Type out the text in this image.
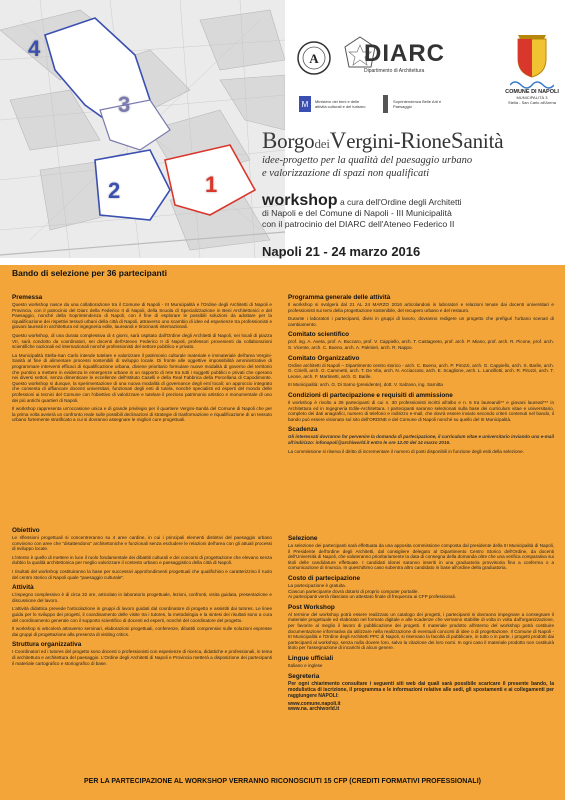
4
3
2	1
A DIARC
Dipartimento di Architettura
COMUNE DI NAPOLI
MUNICIPALITÀ 3
Stella - San Carlo all'Arena
M Ministero dei beni e delle attività culturali e del turismo
Soprintendenza Belle Arti e Paesaggio
BorgodeiVergini-RioneSanità
idee-progetto per la qualità del paesaggio urbano
e valorizzazione di spazi non qualificati
workshop a cura dell'Ordine degli Architetti
di Napoli e del Comune di Napoli - III Municipalità
con il patrocinio del DIARC dell'Ateneo Federico II
Napoli 21 - 24 marzo 2016
Bando di selezione per 36 partecipanti
Premessa

Questo workshop nasce da una collaborazione tra il Comune di Napoli - III Municipalità e l'Ordine degli Architetti di Napoli e Provincia, con il patrocinio del Diarc della Federico II di Napoli, della Scuola di Specializzazione in Beni Architettonici e del Paesaggio, nonché della Soprintendenza di Napoli, con il fine di esplorare le possibili soluzioni da adottare per la riqualificazione dei rispettivi tessuti urbani della città di Napoli, attraverso uno scambio di idee ed esperienze tra professionisti e giovani laureati in architettura ed ingegneria edile, laureandi e tirocinanti internazionali.

Questo workshop, di una durata complessiva di 4 giorni, sarà ospitato dall'Ordine degli Architetti di Napoli, nei locali di piazza VII, sarà condotto da coordinatori, sei docenti dell'Ateneo Federico II di Napoli, professori provenienti da collaborazioni scientifiche nazionali ed internazionali nonché professionisti del settore pubblico e privato.

La Municipalità Stella-San Carlo intende tutelare e valorizzare il patrimonio culturale materiale e immateriale dell'area Vergini-Sanità al fine di alimentare processi sostenibili di sviluppo locale. Di fronte alle oggettive impossibilità amministrative di programmare interventi efficaci di riqualificazione urbana, diviene prioritario formulare nuove modalità di governo del territorio che puntino a mettere in evidenza le emergenze urbane in un rapporto di rete tra tutti i soggetti pubblici e privati che operano nei diversi settori, senza dimenticare le eccellenze dell'Istituto Caselli e della Real Fabbrica della Porcellana di Capodimonte. Questo workshop si dunque, la sperimentazione di una nuova modalità di governance degli enti locali; un approccio integrato che consenta di affiancare docenti universitari, funzionari degli enti di tutela, nonché specialisti ed esperti del mondo delle professioni ai tecnici del Comune con l'obiettivo di valorizzare e tutelare il prezioso patrimonio artistico e monumentale di uno dei più antichi quartieri di Napoli.

Il workshop rappresenta un'occasione unica e di grande privilegio per il quartiere Vergini-Sanità del Comune di Napoli che per la prima volta avvierà un confronto reale sulle possibili declinazioni di strategie di trasformazione e riqualificazione di un tessuto urbano fortemente stratificato a cui si dovranno assegnare le migliori cure progettuali.

Obiettivo

Le riflessioni progettuali si concentreranno su 4 aree cardine, in cui i principali elementi distintivi del paesaggio urbano convivono con aree che "disattendono" architettoniche e funzionali senza escludere le relazioni dell'area con gli attuali processi di sviluppo locale.

L'intento è quello di mettere in luce il ruolo fondamentale dei dibattiti culturali e dei concorsi di progettazione che elevano senza dubbio la qualità architettonica per meglio valorizzare il contesto urbano e paesaggistico della città di Napoli.

I risultati del workshop costituiranno la base per successivi approfondimenti progettuali che qualifichino e caratterizzino il ruolo del centro storico di Napoli quale "paesaggio culturale".

Attività

L'impegno complessivo è di circa 32 ore, articolato in laboratorio progettuale, lezioni, confronti, visita guidata, presentazione e discussione del lavoro.

L'attività didattica prevede l'articolazione in gruppi di lavoro guidati dal coordinatore di progetto e assistiti dai tutores. Le linee guida per lo sviluppo dei progetti, il coordinamento delle visite tra i tutores, la metodologia e la sintesi dei risultati sono a cura del coordinamento generale con il supporto scientifico di docenti ed esperti, nonché del coordinatore del progetto.

Il workshop si articolerà attraverso seminari, elaborazioni progettuali, conferenze, dibattiti comprensivi sulle soluzioni espresse dai gruppi di progettazione alla presenza di visiting critics.

Struttura organizzativa

I Coordinatori ed i tutores del progetto sono docenti o professionisti con esperienze di ricerca, didattiche e professionali, in tema di architettura e architettura del paesaggio. L'Ordine degli Architetti di Napoli e Provincia metterà a disposizione dei partecipanti il materiale cartografico e storiografico di base.

Programma generale delle attività

Il workshop si svolgerà dal 21 AL 24 MARZO 2016 articolandosi in laboratori e relazioni tenute dai docenti universitari e professionisti sui temi della progettazione sostenibile, del recupero urbano e del restauro.

Durante i laboratori i partecipanti, divisi in gruppi di lavoro, dovranno redigere un progetto che prefiguri l'urbano scenari di cambiamento.

Comitato scientifico

prof. ing. A. Aveta, prof. A. Buccaro, prof. V. Cappiello, arch. T. Castagneto, prof. arch. P. Miano, prof. arch. R. Picone, prof. arch. S. Vicente, arch. C. Bueno, arch. A. Palmieri, arch. R. Nappo.

Comitato Organizzativo

Ordine architetti di Napoli – Dipartimento centro storico - arch. C. Bueno, arch. P. Pirozzi, arch. G. Cappiello, arch. S. Barile, arch. G. Cirielli, arch. G. Cammetti, arch. T. De Vita, arch. N. Acciaccato, arch. E. Scaglione, arch. L. Lanzillotti, arch. R. Pirozzi, arch. T. Leone, arch. F. Martinetti, arch. G. Barile.

III Municipalità: arch. G. Di Sarno (presidente), dott. V. Salzano, ing. Sarnitta

Condizioni di partecipazione e requisiti di ammissione

Il workshop è rivolto a 36 partecipanti di cui n. 30 professionisti iscritti all'albo e n. 6 tra laureandi** e giovani laureati*** in Architettura ed in Ingegneria Edile-Architettura. I partecipanti saranno selezionati sulla base dei curriculum vitae e universitario, completo dei dati anagrafici, numero di telefono e indirizzo e-mail, che dovrà essere inviato secondo criteri contenuti nel bando, il bando può essere visionato sul sito dell'ORDINE e del Comune di Napoli nonché su quello del III Municipalità.

Scadenza

Gli interessati dovranno far pervenire la domanda di partecipazione, il curriculum vitae e universitario inviando una e-mail all'indirizzo: infonapoli@archiworld.it entro le ore 12.00 del 14 marzo 2016.

La commissione si riserva il diritto di incrementare il numero di posti disponibili in funzione degli esiti della selezione.

Selezione

La selezione dei partecipanti sarà effettuata da una apposita commissione composta dal presidente della III Municipalità di Napoli, il Presidente dell'ordine degli Architetti, dal consigliere delegato al Dipartimento Centro Storico dell'Ordine, da docenti dell'Università di Napoli, che valuteranno prioritariamente la data di consegna della domanda oltre che una verifica comparativa sui titoli delle candidature effettuate. I candidati idonei saranno inseriti in una graduatoria provvisoria fino a conferma o a comunicazione di rinuncia. In quest'ultimo caso subentra altro candidato in base all'ordine della graduatoria.

Costo di partecipazione

La partecipazione è gratuita.

Ciascun partecipante dovrà dotarsi di proprio computer portatile.

Ai partecipanti verrà rilasciato un attestato finale di frequenza ai CFP professionali.

Post Workshop

Al termine del workshop potrà essere realizzato un catalogo dei progetti, i partecipanti si dovranno impegnare a consegnare il materiale progettuale ed elaborato nel formato digitale e alle scadenze che verranno stabilite di volta in volta dall'organizzazione, per favorire al meglio il lavoro di pubblicazione dei progetti. Il materiale prodotto all'interno del workshop potrà costituire documentazione informativa da utilizzare nella realizzazione di eventuali concorsi di idee o di progettazione. Il Comune di Napoli - III Municipalità e l'Ordine degli Architetti PPC di Napoli, si riservano la facoltà di pubblicare, in tutto o in parte, i progetti prodotti dai partecipanti al workshop, senza nulla dovere loro, salvo la citazione dei loro nomi. In ogni caso il materiale prodotto non costituirà titolo per l'assegnazione di incarichi di alcun genere.

Lingue ufficiali

Italiano e inglese

Segreteria

Per ogni chiarimento consultare i seguenti siti web dai quali sarà possibile scaricare il presente bando, la modulistica di iscrizione, il programma e le informazioni relative alle sedi, gli spostamenti e ai collegamenti per raggiungere NAPOLI:

www.comune.napoli.it

www.na. archiworld.it

PER LA PARTECIPAZIONE AL WORKSHOP VERRANNO RICONOSCIUTI 15 CFP (CREDITI FORMATIVI PROFESSIONALI)
